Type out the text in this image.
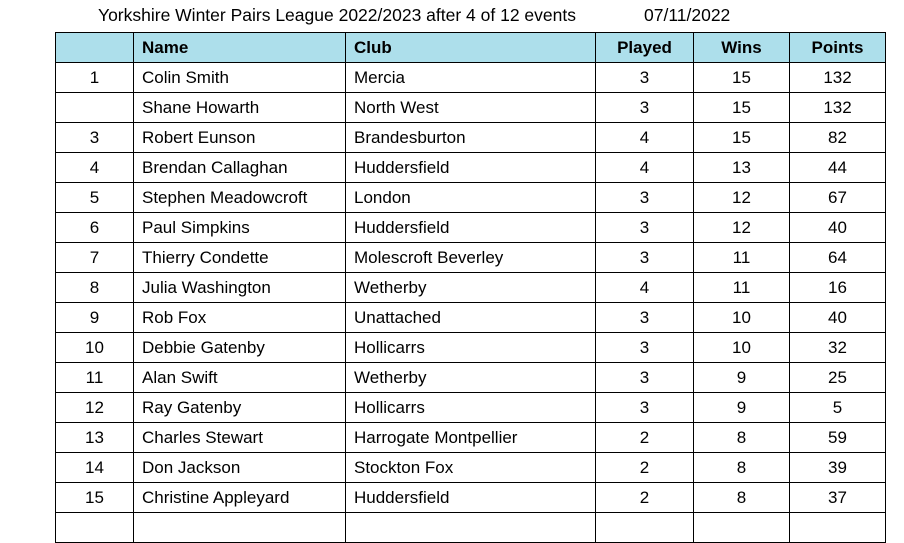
Yorkshire Winter Pairs League 2022/2023 after 4 of 12 events	07/11/2022
	Name	Club	Played	Wins	Points
1	Colin Smith	Mercia	3	15	132
	Shane Howarth	North West	3	15	132
3	Robert Eunson	Brandesburton	4	15	82
4	Brendan Callaghan	Huddersfield	4	13	44
5	Stephen Meadowcroft	London	3	12	67
6	Paul Simpkins	Huddersfield	3	12	40
7	Thierry Condette	Molescroft Beverley	3	11	64
8	Julia Washington	Wetherby	4	11	16
9	Rob Fox	Unattached	3	10	40
10	Debbie Gatenby	Hollicarrs	3	10	32
11	Alan Swift	Wetherby	3	9	25
12	Ray Gatenby	Hollicarrs	3	9	5
13	Charles Stewart	Harrogate Montpellier	2	8	59
14	Don Jackson	Stockton Fox	2	8	39
15	Christine Appleyard	Huddersfield	2	8	37
